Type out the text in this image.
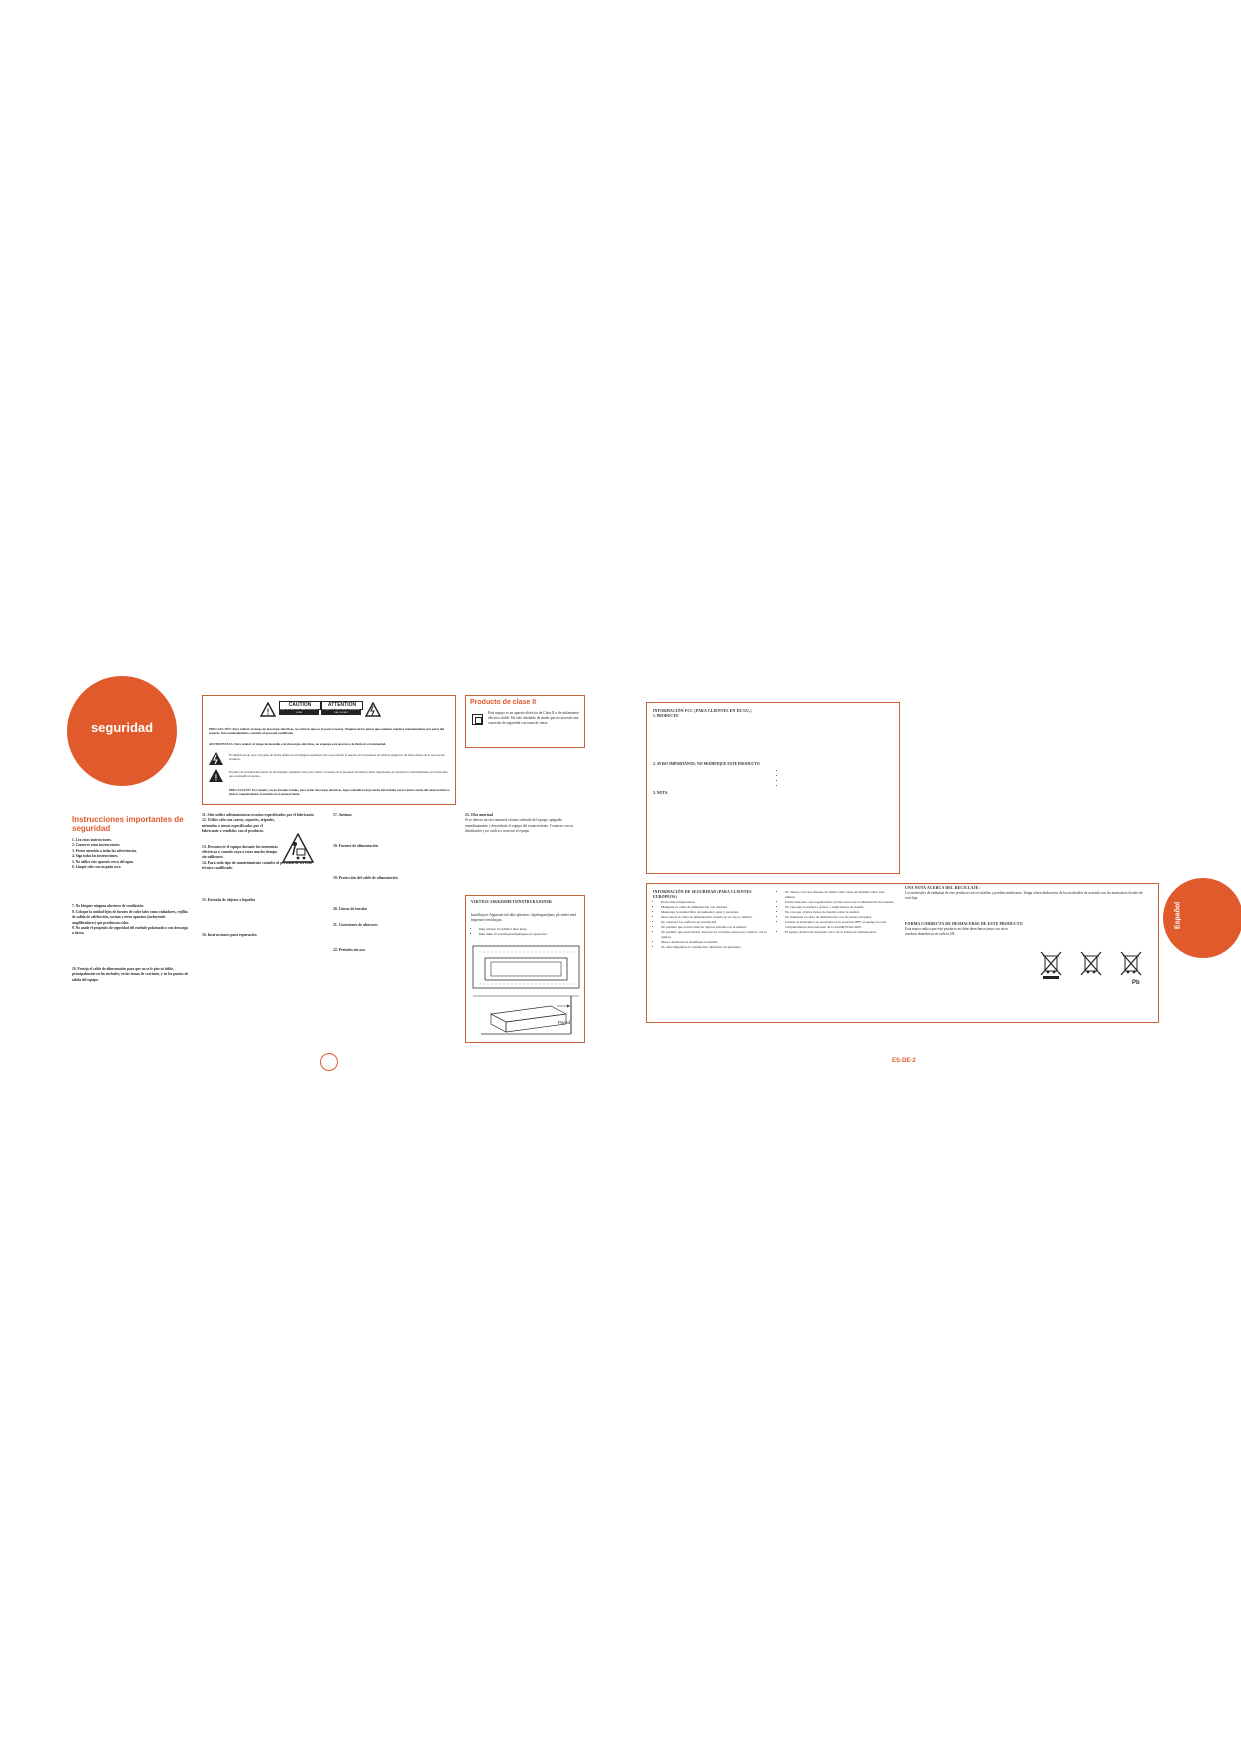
seguridad
Instrucciones importantes de seguridad
1. Lea estas instrucciones.
2. Conserve estas instrucciones.
3. Preste atención a todas las advertencias.
4. Siga todas las instrucciones.
5. No utilice este aparato cerca del agua.
6. Limpie sólo con un paño seco.
7. No bloquee ninguna abertura de ventilación.
8. Coloque la unidad lejos de fuentes de calor tales como radiadores, rejillas de salida de calefacción, cocinas y otros aparatos (incluyendo amplificadores) que produzcan calor.
9. No anule el propósito de seguridad del enchufe polarizado o con descarga a tierra.
10. Proteja el cable de alimentación para que no se le pise ni doble, principalmente en los enchufes, en las tomas de corriente, y en los puntos de salida del equipo.
!
CAUTION
RISK OF ELECTRIC SHOCK DO NOT OPEN
ATTENTION
RISQUE DE CHOC ELECTRIQUE NE PAS OUVRIR

PRECAUCIÓN: Para reducir el riesgo de descargas eléctricas, no retire la tapa (o la parte trasera). Ninguna de las piezas que contiene requiere mantenimiento por parte del usuario. Para mantenimiento, consulte al personal cualificado.

ADVERTENCIA: Para reducir el riesgo de incendio o de descargas eléctricas, no exponga este aparato a la lluvia ni a la humedad.

El símbolo de un rayo con punta de flecha dentro de un triángulo equilátero sirve para alertar al usuario de la presencia de 'tensión peligrosa' sin aislar dentro de la carcasa del producto.

!

El punto de exclamación dentro de un triángulo equilátero sirve para alertar al usuario de la presencia de instrucciones importantes de operación y mantenimiento en la literatura que acompaña al aparato.

PRECAUCIÓN: En Canadá y en los Estados Unidos, para evitar descargas eléctricas, haga coincidir la hoja ancha del enchufe con la ranura ancha del tomacorriente e inserte completamente el enchufe en el tomacorriente.

Producto de clase II

Este equipo es un aparato eléctrico de Clase II o de aislamiento eléctrico doble. Ha sido diseñado de modo que no necesite una conexión de seguridad con toma de tierra.

11. Sólo utilice aditamentos/accesorios especificados por el fabricante.

12. Utilice sólo con carros, soportes, trípodes, ménsulas o mesas especificados por el fabricante o vendidos con el producto.

13. Desconecte el equipo durante las tormentas eléctricas o cuando vaya a estar mucho tiempo sin utilizarse.

14. Para todo tipo de mantenimiento consulte al personal de servicio técnico cualificado.

15. Entrada de objetos o líquidos

16. Instrucciones para reparación

17. Antenas

18. Fuentes de alimentación

19. Protección del cable de alimentación

20. Líneas de tensión

21. Conexiones de altavoces

22. Periodos sin uso

23. Olor anormal

Si se detecta un olor anormal o humo saliendo del equipo, apáguelo inmediatamente y desenchufe el equipo del tomacorriente. Contacte con su distribuidor y no vuelva a conectar el equipo.

VIKTIGE SIKKERHETSINSTRUKSJONER

Installasjon: Apparatet må ikke plasseres i kjølingsmiljøer, på steder med begrenset ventilasjon.

• Ikke plasser i bokhyller eller skap.
• Ikke dekk til ventilasjonsåpningene på apparatet.
Pared

INFORMACIÓN FCC (PARA CLIENTES EN EE.UU.)

1. PRODUCTO

2. AVISO IMPORTANTE: NO MODIFIQUE ESTE PRODUCTO

3. NOTA

•
•
•
•

INFORMACIÓN DE SEGURIDAD (PARA CLIENTES EUROPEOS)

• Evite altas temperaturas.
• Manipule el cable de alimentación con cuidado.
• Mantenga la unidad libre de humedad, agua y suciedad.
• Desconecte el cable de alimentación cuando no se vaya a utilizar.
• No obstruya los orificios de ventilación.
• No permita que se introduzcan objetos extraños en la unidad.
• No permita que insecticidas, benceno ni solventes entren en contacto con la unidad.
• Nunca desmonte ni modifique la unidad.
• No debe impedirse la ventilación cubriendo las aperturas.
• No deben colocarse fuentes de llama como velas encendidas sobre esta unidad.
• Preste atención a las regulaciones locales acerca de la eliminación de baterías.
• No exponga la unidad a goteos o salpicaduras de líquido.
• No coloque objetos llenos de líquido sobre la unidad.
• No manipule el cable de alimentación con las manos mojadas.
• Cuando el interruptor se encuentra en la posición OFF, el equipo no está completamente desconectado de la ALIMENTACIÓN.
• El equipo deberá ser instalado cerca de la fuente de alimentación.

UNA NOTA ACERCA DEL RECICLAJE:

Los materiales de embalaje de este producto son reciclables y pueden reutilizarse. Tenga a bien deshacerse de los materiales de acuerdo con las normativas locales de reciclaje.

FORMA CORRECTA DE DESHACERSE DE ESTE PRODUCTO

Esta marca indica que este producto no debe desecharse junto con otros residuos domésticos en toda la UE.

Pb
Español
ES-DE-2
